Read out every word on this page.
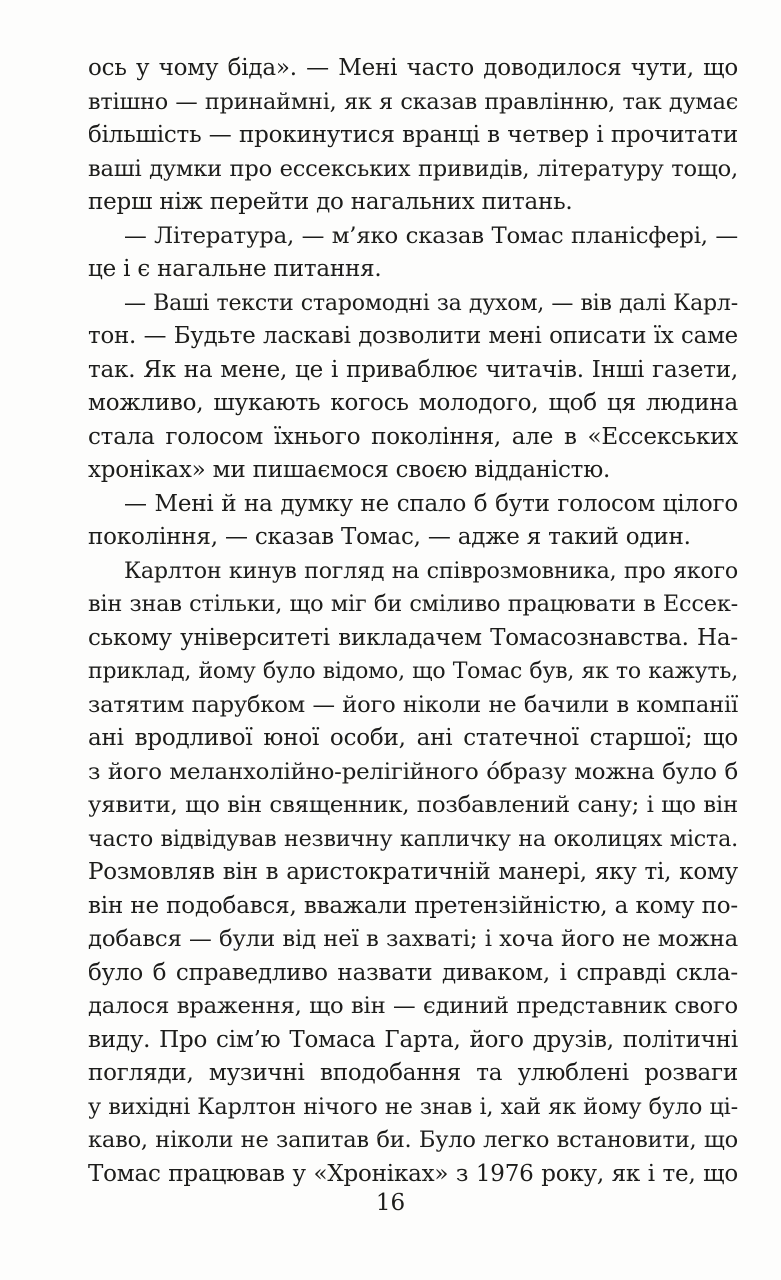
ось у чому біда». — Мені часто доводилося чути, що
втішно — принаймні, як я сказав правлінню, так думає
більшість — прокинутися вранці в четвер і прочитати
ваші думки про ессекських привидів, літературу тощо,
перш ніж перейти до нагальних питань.
— Література, — м’яко сказав Томас планісфері, —
це і є нагальне питання.
— Ваші тексти старомодні за духом, — вів далі Карл-
тон. — Будьте ласкаві дозволити мені описати їх саме
так. Як на мене, це і приваблює читачів. Інші газети,
можливо, шукають когось молодого, щоб ця людина
стала голосом їхнього покоління, але в «Ессекських
хроніках» ми пишаємося своєю відданістю.
— Мені й на думку не спало б бути голосом цілого
покоління, — сказав Томас, — адже я такий один.
Карлтон кинув погляд на співрозмовника, про якого
він знав стільки, що міг би сміливо працювати в Ессек-
ському університеті викладачем Томасознавства. На-
приклад, йому було відомо, що Томас був, як то кажуть,
затятим парубком — його ніколи не бачили в компанії
ані вродливої юної особи, ані статечної старшої; що
з його меланхолійно-релігійного óбразу можна було б
уявити, що він священник, позбавлений сану; і що він
часто відвідував незвичну капличку на околицях міста.
Розмовляв він в аристократичній манері, яку ті, кому
він не подобався, вважали претензійністю, а кому по-
добався — були від неї в захваті; і хоча його не можна
було б справедливо назвати диваком, і справді скла-
далося враження, що він — єдиний представник свого
виду. Про сім’ю Томаса Гарта, його друзів, політичні
погляди, музичні вподобання та улюблені розваги
у вихідні Карлтон нічого не знав і, хай як йому було ці-
каво, ніколи не запитав би. Було легко встановити, що
Томас працював у «Хроніках» з 1976 року, як і те, що
16
